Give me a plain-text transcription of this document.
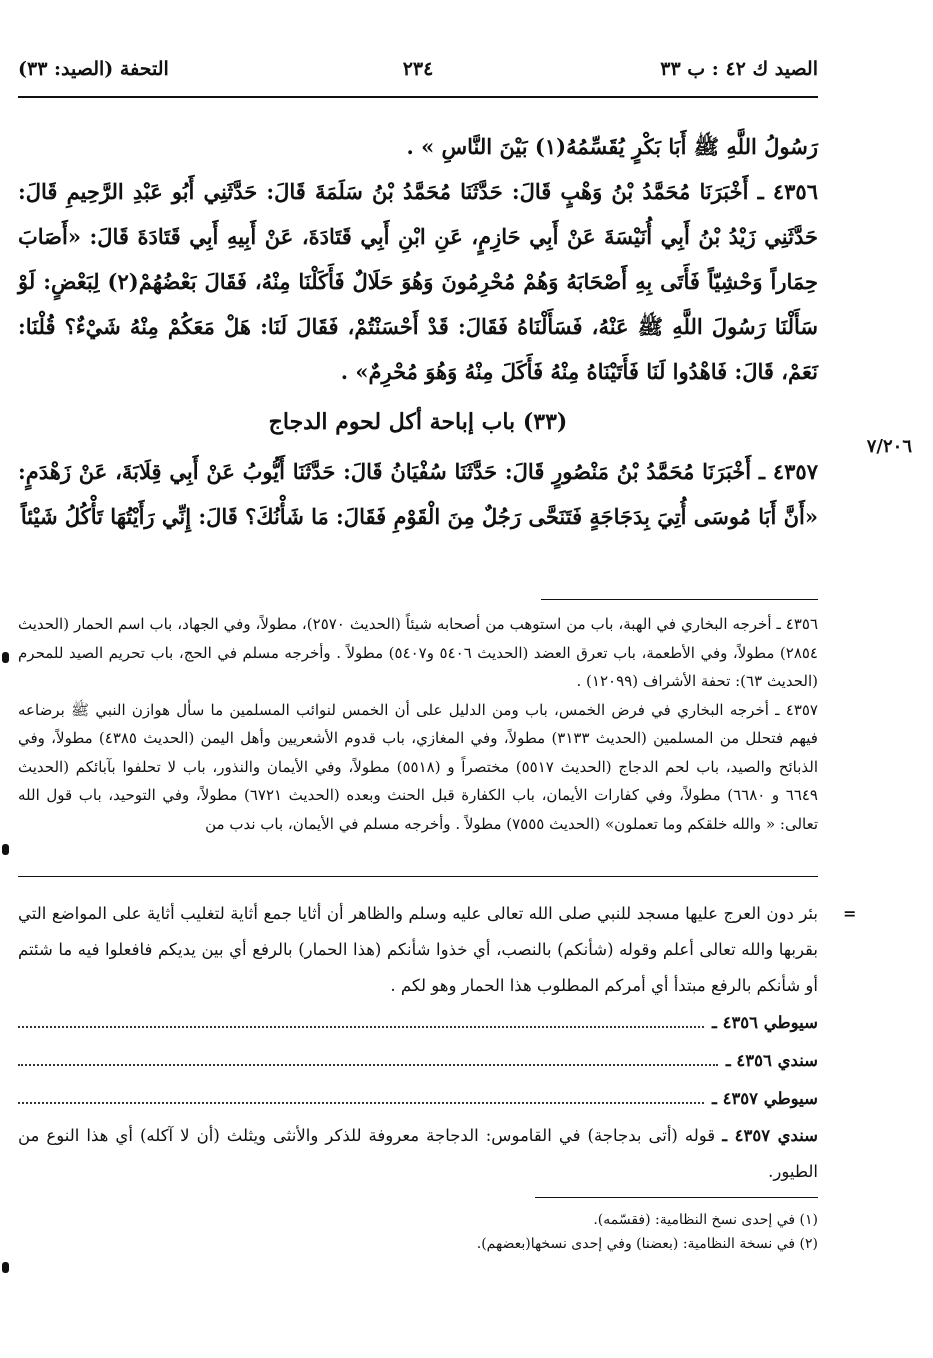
الصيد ك ٤٢ : ب ٣٣
٢٣٤
التحفة (الصيد: ٣٣)

رَسُولُ اللَّهِ ﷺ أَبَا بَكْرٍ يُقَسِّمُهُ(١) بَيْنَ النَّاسِ » .

٤٣٥٦ ـ أَخْبَرَنَا مُحَمَّدُ بْنُ وَهْبٍ قَالَ: حَدَّثَنَا مُحَمَّدُ بْنُ سَلَمَةَ قَالَ: حَدَّثَنِي أَبُو عَبْدِ الرَّحِيمِ قَالَ: حَدَّثَنِي زَيْدُ بْنُ أَبِي أُنَيْسَةَ عَنْ أَبِي حَازِمٍ، عَنِ ابْنِ أَبِي قَتَادَةَ، عَنْ أَبِيهِ أَبِي قَتَادَةَ قَالَ: «أَصَابَ حِمَاراً وَحْشِيّاً فَأَتَى بِهِ أَصْحَابَهُ وَهُمْ مُحْرِمُونَ وَهُوَ حَلَالٌ فَأَكَلْنَا مِنْهُ، فَقَالَ بَعْضُهُمْ(٢) لِبَعْضٍ: لَوْ سَأَلْنَا رَسُولَ اللَّهِ ﷺ عَنْهُ، فَسَأَلْنَاهُ فَقَالَ: قَدْ أَحْسَنْتُمْ، فَقَالَ لَنَا: هَلْ مَعَكُمْ مِنْهُ شَيْءٌ؟ قُلْنَا: نَعَمْ، قَالَ: فَاهْدُوا لَنَا فَأَتَيْنَاهُ مِنْهُ فَأَكَلَ مِنْهُ وَهُوَ مُحْرِمٌ» .

(٣٣) باب إباحة أكل لحوم الدجاج

٤٣٥٧ ـ أَخْبَرَنَا مُحَمَّدُ بْنُ مَنْصُورٍ قَالَ: حَدَّثَنَا سُفْيَانُ قَالَ: حَدَّثَنَا أَيُّوبُ عَنْ أَبِي قِلَابَةَ، عَنْ زَهْدَمٍ: «أَنَّ أَبَا مُوسَى أُتِيَ بِدَجَاجَةٍ فَتَنَحَّى رَجُلٌ مِنَ الْقَوْمِ فَقَالَ: مَا شَأْنُكَ؟ قَالَ: إِنِّي رَأَيْتُهَا تَأْكُلُ شَيْئاً

٧/٢٠٦

٤٣٥٦ ـ أخرجه البخاري في الهبة، باب من استوهب من أصحابه شيئاً (الحديث ٢٥٧٠)، مطولاً، وفي الجهاد، باب اسم الحمار (الحديث ٢٨٥٤) مطولاً، وفي الأطعمة، باب تعرق العضد (الحديث ٥٤٠٦ و٥٤٠٧) مطولاً . وأخرجه مسلم في الحج، باب تحريم الصيد للمحرم (الحديث ٦٣): تحفة الأشراف (١٢٠٩٩) .

٤٣٥٧ ـ أخرجه البخاري في فرض الخمس، باب ومن الدليل على أن الخمس لنوائب المسلمين ما سأل هوازن النبي ﷺ برضاعه فيهم فتحلل من المسلمين (الحديث ٣١٣٣) مطولاً، وفي المغازي، باب قدوم الأشعريين وأهل اليمن (الحديث ٤٣٨٥) مطولاً، وفي الذبائح والصيد، باب لحم الدجاج (الحديث ٥٥١٧) مختصراً و (٥٥١٨) مطولاً، وفي الأيمان والنذور، باب لا تحلفوا بآبائكم (الحديث ٦٦٤٩ و ٦٦٨٠) مطولاً، وفي كفارات الأيمان، باب الكفارة قبل الحنث وبعده (الحديث ٦٧٢١) مطولاً، وفي التوحيد، باب قول الله تعالى: « والله خلقكم وما تعملون» (الحديث ٧٥٥٥) مطولاً . وأخرجه مسلم في الأيمان، باب ندب من

=

بئر دون العرج عليها مسجد للنبي صلى الله تعالى عليه وسلم والظاهر أن أثايا جمع أثاية لتغليب أثاية على المواضع التي بقربها والله تعالى أعلم وقوله (شأنكم) بالنصب، أي خذوا شأنكم (هذا الحمار) بالرفع أي بين يديكم فافعلوا فيه ما شئتم أو شأنكم بالرفع مبتدأ أي أمركم المطلوب هذا الحمار وهو لكم .

سيوطي ٤٣٥٦ ـ
سندي ٤٣٥٦ ـ
سيوطي ٤٣٥٧ ـ

سندي ٤٣٥٧ ـ قوله (أتى بدجاجة) في القاموس: الدجاجة معروفة للذكر والأنثى ويثلث (أن لا آكله) أي هذا النوع من الطيور.

(١) في إحدى نسخ النظامية: (فقسّمه).

(٢) في نسخة النظامية: (بعضنا) وفي إحدى نسخها(بعضهم).
